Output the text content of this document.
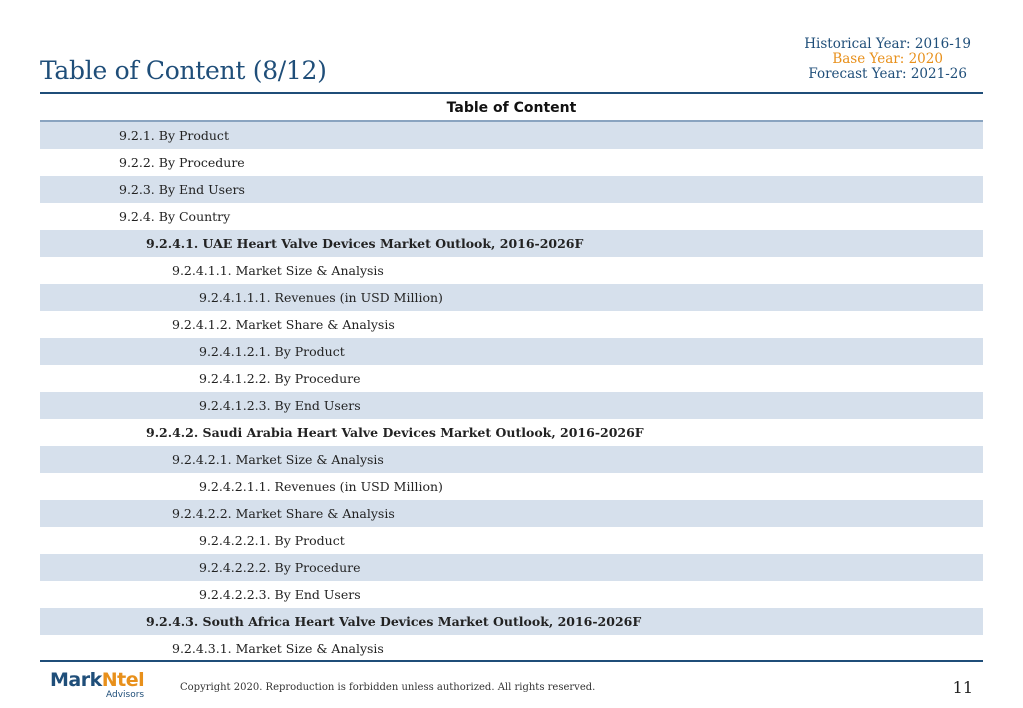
Table of Content (8/12)
Historical Year: 2016-19
Base Year: 2020
Forecast Year: 2021-26
Table of Content
9.2.1. By Product
9.2.2. By Procedure
9.2.3. By End Users
9.2.4. By Country
9.2.4.1. UAE Heart Valve Devices Market Outlook, 2016-2026F
9.2.4.1.1. Market Size & Analysis
9.2.4.1.1.1. Revenues (in USD Million)
9.2.4.1.2. Market Share & Analysis
9.2.4.1.2.1. By Product
9.2.4.1.2.2. By Procedure
9.2.4.1.2.3. By End Users
9.2.4.2. Saudi Arabia Heart Valve Devices Market Outlook, 2016-2026F
9.2.4.2.1. Market Size & Analysis
9.2.4.2.1.1. Revenues (in USD Million)
9.2.4.2.2. Market Share & Analysis
9.2.4.2.2.1. By Product
9.2.4.2.2.2. By Procedure
9.2.4.2.2.3. By End Users
9.2.4.3. South Africa Heart Valve Devices Market Outlook, 2016-2026F
9.2.4.3.1. Market Size & Analysis
MarkNtel
Advisors
Copyright 2020. Reproduction is forbidden unless authorized. All rights reserved.	11
